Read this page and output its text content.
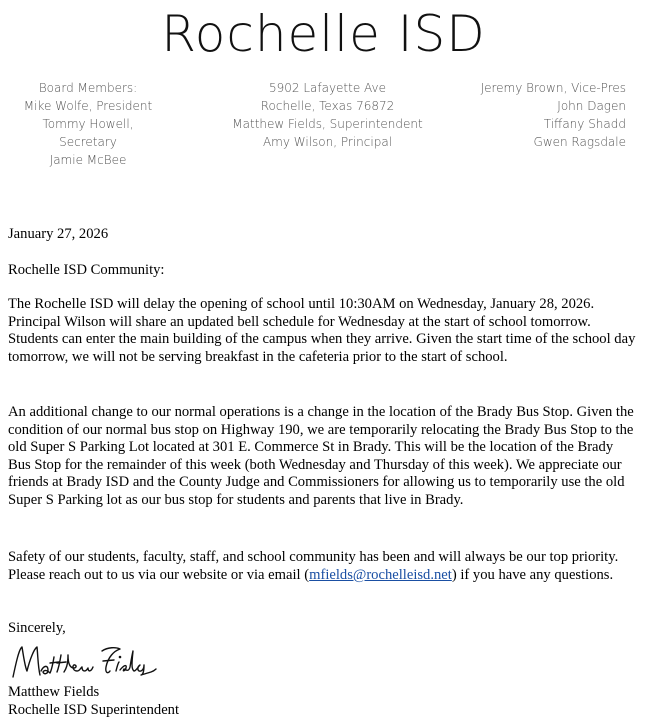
Rochelle ISD
Board Members:
Mike Wolfe, President
Tommy Howell,
Secretary
Jamie McBee
5902 Lafayette Ave
Rochelle, Texas 76872
Matthew Fields, Superintendent
Amy Wilson, Principal
Jeremy Brown, Vice-Pres
John Dagen
Tiffany Shadd
Gwen Ragsdale

January 27, 2026

Rochelle ISD Community:

The Rochelle ISD will delay the opening of school until 10:30AM on Wednesday, January 28, 2026. Principal Wilson will share an updated bell schedule for Wednesday at the start of school tomorrow. Students can enter the main building of the campus when they arrive. Given the start time of the school day tomorrow, we will not be serving breakfast in the cafeteria prior to the start of school.

An additional change to our normal operations is a change in the location of the Brady Bus Stop. Given the condition of our normal bus stop on Highway 190, we are temporarily relocating the Brady Bus Stop to the old Super S Parking Lot located at 301 E. Commerce St in Brady. This will be the location of the Brady Bus Stop for the remainder of this week (both Wednesday and Thursday of this week). We appreciate our friends at Brady ISD and the County Judge and Commissioners for allowing us to temporarily use the old Super S Parking lot as our bus stop for students and parents that live in Brady.

Safety of our students, faculty, staff, and school community has been and will always be our top priority. Please reach out to us via our website or via email (mfields@rochelleisd.net) if you have any questions.

Sincerely,

Matthew Fields

Rochelle ISD Superintendent
